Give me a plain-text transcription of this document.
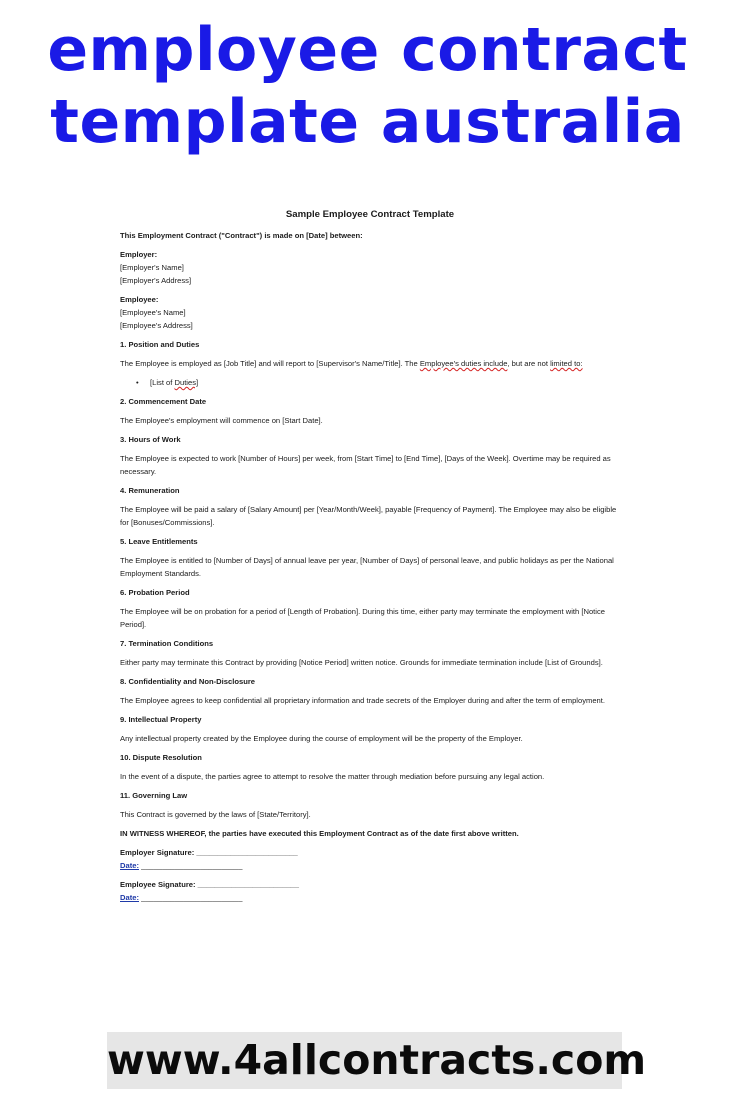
employee contract
template australia
Sample Employee Contract Template
This Employment Contract ("Contract") is made on [Date] between:
Employer:
[Employer's Name]
[Employer's Address]
Employee:
[Employee's Name]
[Employee's Address]
1. Position and Duties
The Employee is employed as [Job Title] and will report to [Supervisor's Name/Title]. The Employee's duties include, but are not limited to:
• [List of Duties]
2. Commencement Date
The Employee's employment will commence on [Start Date].
3. Hours of Work
The Employee is expected to work [Number of Hours] per week, from [Start Time] to [End Time], [Days of the Week]. Overtime may be required as necessary.
4. Remuneration
The Employee will be paid a salary of [Salary Amount] per [Year/Month/Week], payable [Frequency of Payment]. The Employee may also be eligible for [Bonuses/Commissions].
5. Leave Entitlements
The Employee is entitled to [Number of Days] of annual leave per year, [Number of Days] of personal leave, and public holidays as per the National Employment Standards.
6. Probation Period
The Employee will be on probation for a period of [Length of Probation]. During this time, either party may terminate the employment with [Notice Period].
7. Termination Conditions
Either party may terminate this Contract by providing [Notice Period] written notice. Grounds for immediate termination include [List of Grounds].
8. Confidentiality and Non-Disclosure
The Employee agrees to keep confidential all proprietary information and trade secrets of the Employer during and after the term of employment.
9. Intellectual Property
Any intellectual property created by the Employee during the course of employment will be the property of the Employer.
10. Dispute Resolution
In the event of a dispute, the parties agree to attempt to resolve the matter through mediation before pursuing any legal action.
11. Governing Law
This Contract is governed by the laws of [State/Territory].
IN WITNESS WHEREOF, the parties have executed this Employment Contract as of the date first above written.
Employer Signature: ________________________
Date: ________________________
Employee Signature: ________________________
Date: ________________________
www.4allcontracts.com
